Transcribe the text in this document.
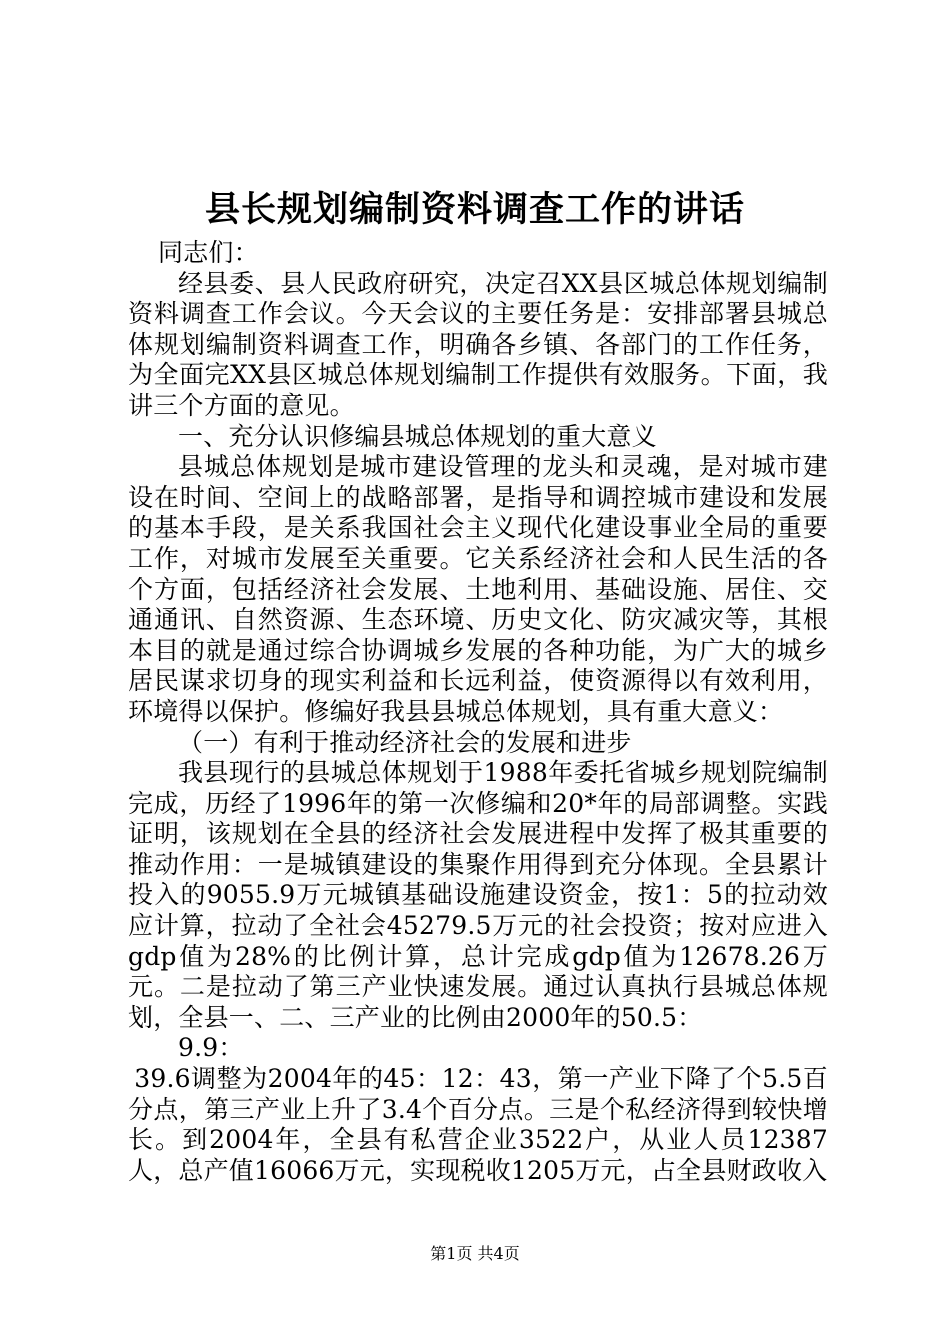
县长规划编制资料调查工作的讲话

同志们：

经县委、县人民政府研究，决定召XX县区城总体规划编制资料调查工作会议。今天会议的主要任务是：安排部署县城总体规划编制资料调查工作，明确各乡镇、各部门的工作任务，为全面完XX县区城总体规划编制工作提供有效服务。下面，我讲三个方面的意见。

一、充分认识修编县城总体规划的重大意义

县城总体规划是城市建设管理的龙头和灵魂，是对城市建设在时间、空间上的战略部署，是指导和调控城市建设和发展的基本手段，是关系我国社会主义现代化建设事业全局的重要工作，对城市发展至关重要。它关系经济社会和人民生活的各个方面，包括经济社会发展、土地利用、基础设施、居住、交通通讯、自然资源、生态环境、历史文化、防灾减灾等，其根本目的就是通过综合协调城乡发展的各种功能，为广大的城乡居民谋求切身的现实利益和长远利益，使资源得以有效利用，环境得以保护。修编好我县县城总体规划，具有重大意义：

（一）有利于推动经济社会的发展和进步

我县现行的县城总体规划于1988年委托省城乡规划院编制完成，历经了1996年的第一次修编和20*年的局部调整。实践证明，该规划在全县的经济社会发展进程中发挥了极其重要的推动作用：一是城镇建设的集聚作用得到充分体现。全县累计投入的9055.9万元城镇基础设施建设资金，按1：5的拉动效应计算，拉动了全社会45279.5万元的社会投资；按对应进入gdp值为28%的比例计算，总计完成gdp值为12678.26万元。二是拉动了第三产业快速发展。通过认真执行县城总体规划，全县一、二、三产业的比例由2000年的50.5：

9.9：

39.6调整为2004年的45：12：43，第一产业下降了个5.5百分点，第三产业上升了3.4个百分点。三是个私经济得到较快增长。到2004年，全县有私营企业3522户，从业人员12387人，总产值16066万元，实现税收1205万元，占全县财政收入

第1页 共4页
